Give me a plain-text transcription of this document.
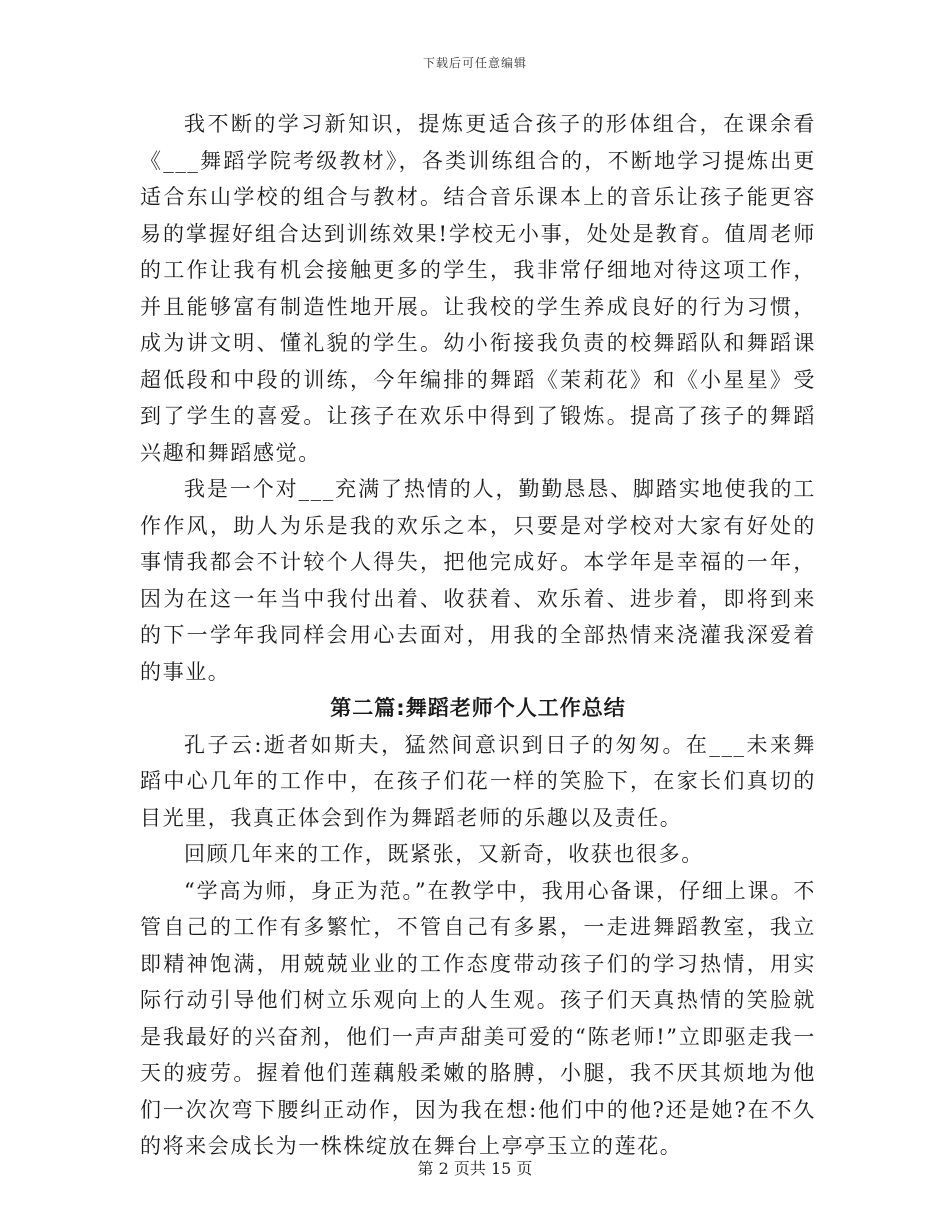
下载后可任意编辑

我不断的学习新知识，提炼更适合孩子的形体组合，在课余看《___舞蹈学院考级教材》，各类训练组合的，不断地学习提炼出更适合东山学校的组合与教材。结合音乐课本上的音乐让孩子能更容易的掌握好组合达到训练效果!学校无小事，处处是教育。值周老师的工作让我有机会接触更多的学生，我非常仔细地对待这项工作，并且能够富有制造性地开展。让我校的学生养成良好的行为习惯，成为讲文明、懂礼貌的学生。幼小衔接我负责的校舞蹈队和舞蹈课超低段和中段的训练，今年编排的舞蹈《茉莉花》和《小星星》受到了学生的喜爱。让孩子在欢乐中得到了锻炼。提高了孩子的舞蹈兴趣和舞蹈感觉。

我是一个对___充满了热情的人，勤勤恳恳、脚踏实地使我的工作作风，助人为乐是我的欢乐之本，只要是对学校对大家有好处的事情我都会不计较个人得失，把他完成好。本学年是幸福的一年，因为在这一年当中我付出着、收获着、欢乐着、进步着，即将到来的下一学年我同样会用心去面对，用我的全部热情来浇灌我深爱着的事业。

第二篇:舞蹈老师个人工作总结

孔子云:逝者如斯夫，猛然间意识到日子的匆匆。在___未来舞蹈中心几年的工作中，在孩子们花一样的笑脸下，在家长们真切的目光里，我真正体会到作为舞蹈老师的乐趣以及责任。

回顾几年来的工作，既紧张，又新奇，收获也很多。

“学高为师，身正为范。”在教学中，我用心备课，仔细上课。不管自己的工作有多繁忙，不管自己有多累，一走进舞蹈教室，我立即精神饱满，用兢兢业业的工作态度带动孩子们的学习热情，用实际行动引导他们树立乐观向上的人生观。孩子们天真热情的笑脸就是我最好的兴奋剂，他们一声声甜美可爱的“陈老师!”立即驱走我一天的疲劳。握着他们莲藕般柔嫩的胳膊，小腿，我不厌其烦地为他们一次次弯下腰纠正动作，因为我在想:他们中的他?还是她?在不久的将来会成长为一株株绽放在舞台上亭亭玉立的莲花。

第 2 页共 15 页
